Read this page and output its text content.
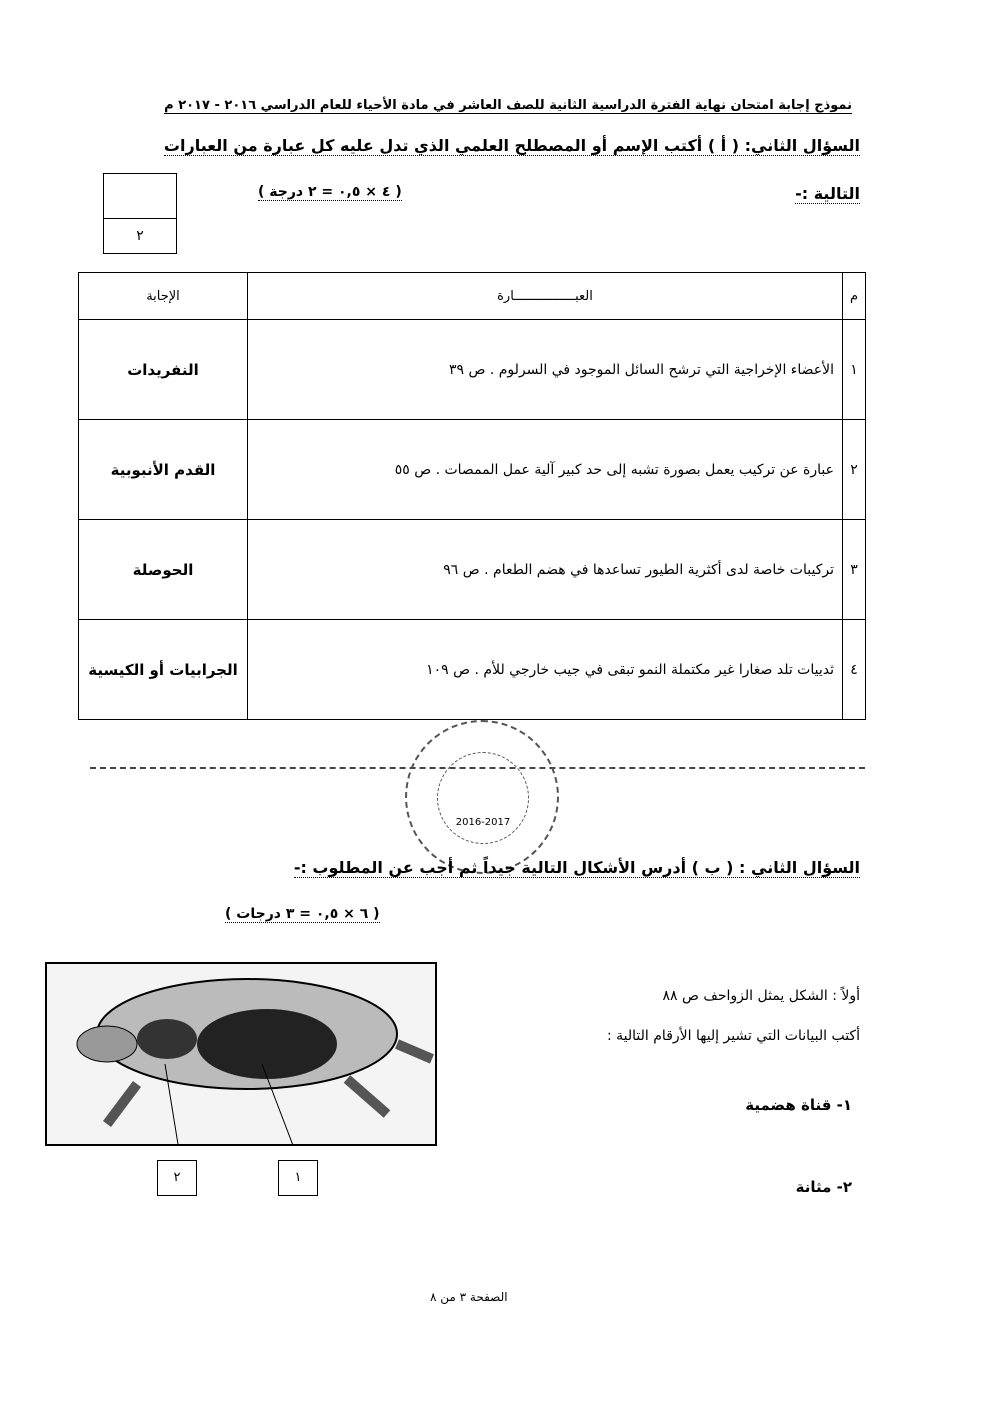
نموذج إجابة امتحان نهاية الفترة الدراسية الثانية للصف العاشر في مادة الأحياء للعام الدراسي ٢٠١٦ - ٢٠١٧ م
السؤال الثاني: ( أ ) أكتب الإسم أو المصطلح العلمي الذي تدل عليه كل عبارة من العبارات
التالية :-
( ٤ × ٠,٥ = ٢ درجة )
٢
م	العبــــــــــــــــارة	الإجابة
١	الأعضاء الإخراجية التي ترشح السائل الموجود في السرلوم . ص ٣٩	النفريدات
٢	عبارة عن تركيب يعمل بصورة تشبه إلى حد كبير آلية عمل الممصات . ص ٥٥	القدم الأنبوبية
٣	تركيبات خاصة لدى أكثرية الطيور تساعدها في هضم الطعام . ص ٩٦	الحوصلة
٤	ثدييات تلد صغارا غير مكتملة النمو تبقى في جيب خارجي للأم . ص ١٠٩	الجرابيات أو الكيسية
2016-2017
السؤال الثاني : ( ب ) أدرس الأشكال التالية جيداً ثم أجب عن المطلوب :-
( ٦ × ٠,٥ = ٣ درجات )
٢	١
أولاً : الشكل يمثل الزواحف ص ٨٨
أكتب البيانات التي تشير إليها الأرقام التالية :
١- قناة هضمية
٢- مثانة
الصفحة ٣ من ٨
